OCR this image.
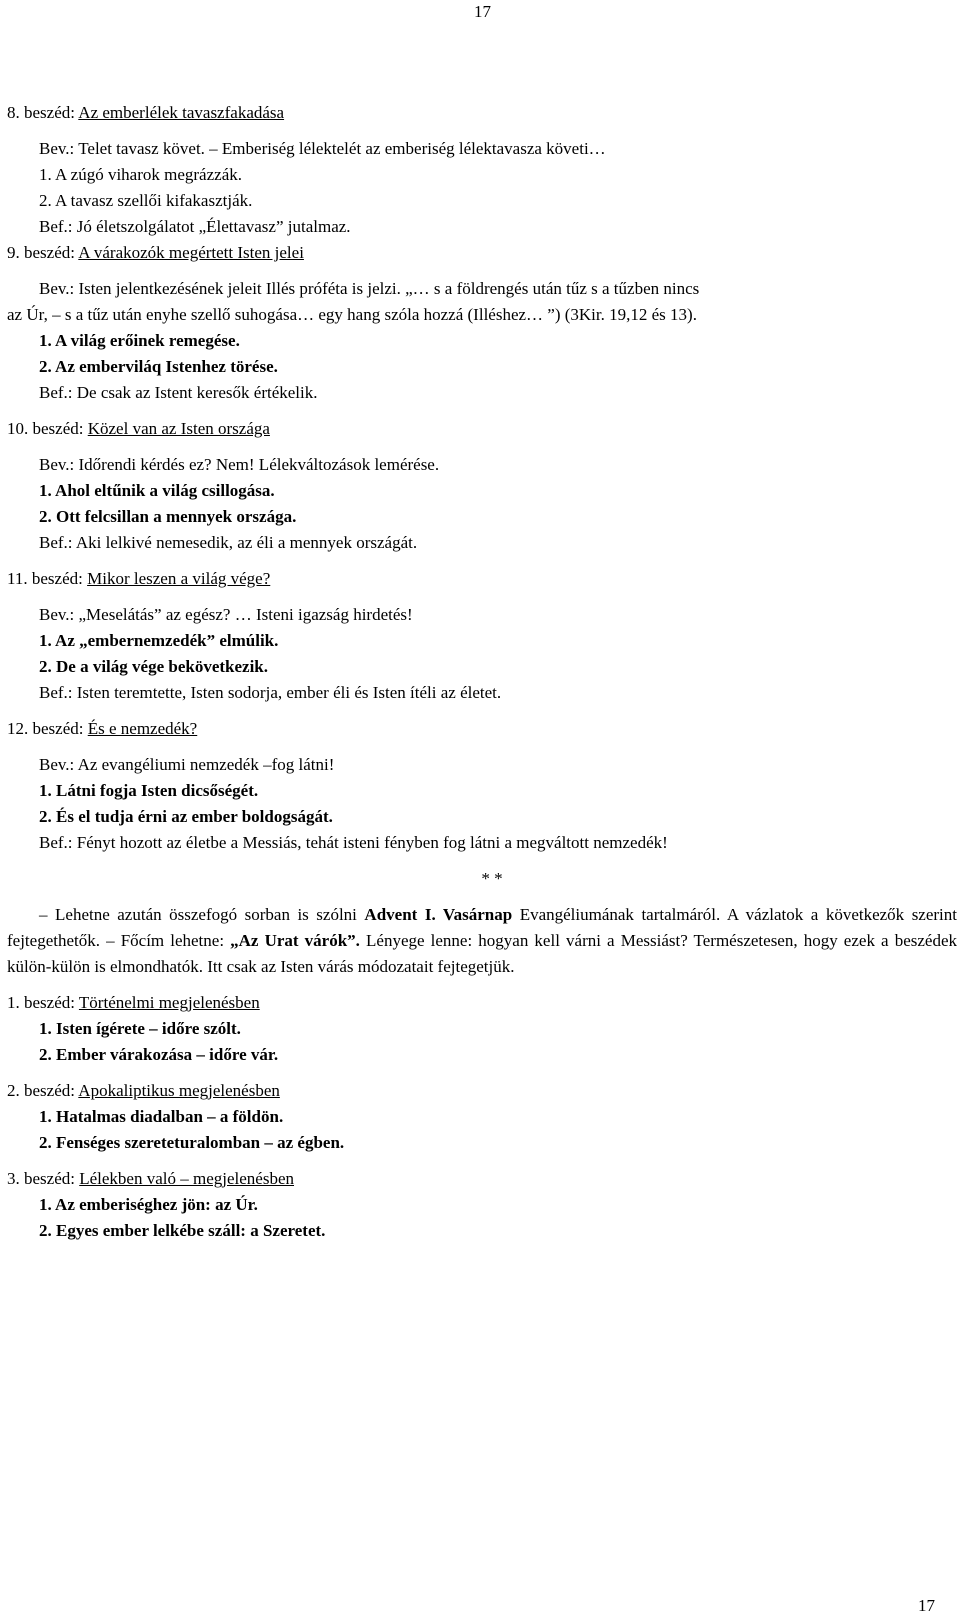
17
8. beszéd: Az emberlélek tavaszfakadása
Bev.: Telet tavasz követ. – Emberiség lélektelét az emberiség lélektavasza követi…
1. A zúgó viharok megrázzák.
2. A tavasz szellői kifakasztják.
Bef.: Jó életszolgálatot „Élettavasz” jutalmaz.
9. beszéd: A várakozók megértett Isten jelei
Bev.: Isten jelentkezésének jeleit Illés próféta is jelzi. „… s a földrengés után tűz s a tűzben nincs
az Úr, – s a tűz után enyhe szellő suhogása… egy hang szóla hozzá (Illéshez… ”) (3Kir. 19,12 és 13).
1. A világ erőinek remegése.
2. Az emberviláq Istenhez törése.
Bef.: De csak az Istent keresők értékelik.
10. beszéd: Közel van az Isten országa
Bev.: Időrendi kérdés ez? Nem! Lélekváltozások lemérése.
1. Ahol eltűnik a világ csillogása.
2. Ott felcsillan a mennyek országa.
Bef.: Aki lelkivé nemesedik, az éli a mennyek országát.
11. beszéd: Mikor leszen a világ vége?
Bev.: „Meselátás” az egész? … Isteni igazság hirdetés!
1. Az „embernemzedék” elmúlik.
2. De a világ vége bekövetkezik.
Bef.: Isten teremtette, Isten sodorja, ember éli és Isten ítéli az életet.
12. beszéd: És e nemzedék?
Bev.: Az evangéliumi nemzedék –fog látni!
1. Látni fogja Isten dicsőségét.
2. És el tudja érni az ember boldogságát.
Bef.: Fényt hozott az életbe a Messiás, tehát isteni fényben fog látni a megváltott nemzedék!
* *
– Lehetne azután összefogó sorban is szólni Advent I. Vasárnap Evangéliumának tartalmáról. A vázlatok a következők szerint fejtegethetők. – Főcím lehetne: „Az Urat várók”. Lényege lenne: hogyan kell várni a Messiást? Természetesen, hogy ezek a beszédek külön-külön is elmondhatók. Itt csak az Isten várás módozatait fejtegetjük.
1. beszéd: Történelmi megjelenésben
1. Isten ígérete – időre szólt.
2. Ember várakozása – időre vár.
2. beszéd: Apokaliptikus megjelenésben
1. Hatalmas diadalban – a földön.
2. Fenséges szereteturalomban – az égben.
3. beszéd: Lélekben való – megjelenésben
1. Az emberiséghez jön: az Úr.
2. Egyes ember lelkébe száll: a Szeretet.
17
